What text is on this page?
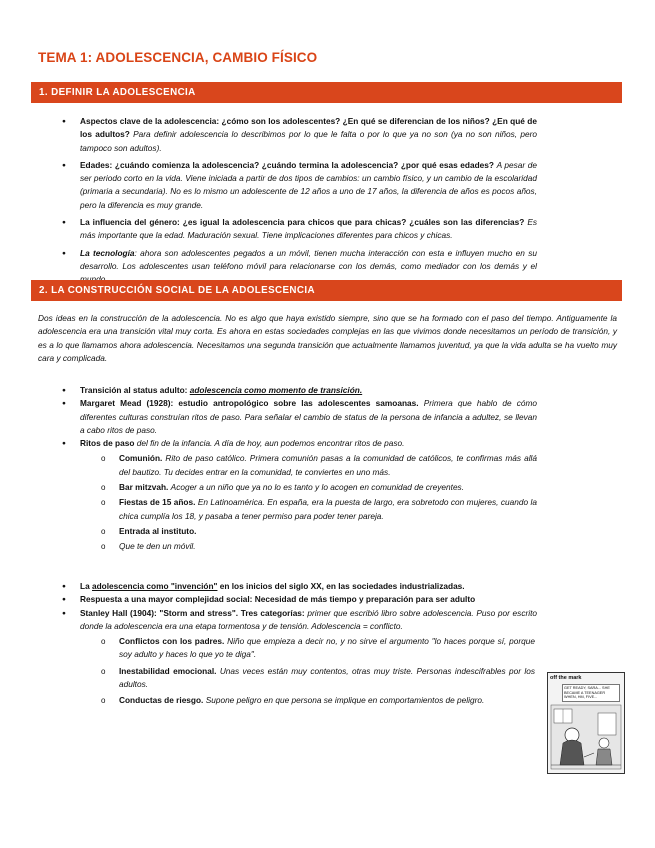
TEMA 1: ADOLESCENCIA, CAMBIO FÍSICO
1. DEFINIR LA ADOLESCENCIA
● Aspectos clave de la adolescencia: ¿cómo son los adolescentes? ¿En qué se diferencian de los niños? ¿En qué de los adultos? Para definir adolescencia lo describimos por lo que le falta o por lo que ya no son (ya no son niños, pero tampoco son adultos).
● Edades: ¿cuándo comienza la adolescencia? ¿cuándo termina la adolescencia? ¿por qué esas edades? A pesar de ser periodo corto en la vida. Viene iniciada a partir de dos tipos de cambios: un cambio físico, y un cambio de la escolaridad (primaria a secundaria). No es lo mismo un adolescente de 12 años a uno de 17 años, la diferencia de años es pocos años, pero la diferencia es muy grande.
● La influencia del género: ¿es igual la adolescencia para chicos que para chicas? ¿cuáles son las diferencias? Es más importante que la edad. Maduración sexual. Tiene implicaciones diferentes para chicos y chicas.
● La tecnología: ahora son adolescentes pegados a un móvil, tienen mucha interacción con esta e influyen mucho en su desarrollo. Los adolescentes usan teléfono móvil para relacionarse con los demás, como mediador con los demás y el
2. LA CONSTRUCCIÓN SOCIAL DE LA ADOLESCENCIA
Dos ideas en la construcción de la adolescencia. No es algo que haya existido siempre, sino que se ha formado con el paso del tiempo. Antiguamente la adolescencia era una transición vital muy corta. Es ahora en estas sociedades complejas en las que vivimos donde necesitamos un período de transición, y es a lo que llamamos ahora adolescencia. Necesitamos una segunda transición que actualmente llamamos juventud, ya que la vida adulta se ha vuelto muy cara y complicada.
● Transición al status adulto: adolescencia como momento de transición.
● Margaret Mead (1928): estudio antropológico sobre las adolescentes samoanas. Primera que hablo de cómo diferentes culturas construían ritos de paso. Para señalar el cambio de status de la persona de infancia a adultez, se llevan a cabo ritos de paso.
● Ritos de paso del fin de la infancia. A día de hoy, aun podemos encontrar ritos de paso.
o Comunión. Rito de paso católico. Primera comunión pasas a la comunidad de católicos, te confirmas más allá del bautizo. Tu decides entrar en la comunidad, te conviertes en uno más.
o Bar mitzvah. Acoger a un niño que ya no lo es tanto y lo acogen en comunidad de creyentes.
o Fiestas de 15 años. En Latinoamérica. En españa, era la puesta de largo, era sobretodo con mujeres, cuando la chica cumplía los 18, y pasaba a tener permiso para poder tener pareja.
o Entrada al instituto.
o Que te den un móvil.
● La adolescencia como "invención" en los inicios del siglo XX, en las sociedades industrializadas.
● Respuesta a una mayor complejidad social: Necesidad de más tiempo y preparación para ser adulto
● Stanley Hall (1904): "Storm and stress". Tres categorías: primer que escribió libro sobre adolescencia. Puso por escrito donde la adolescencia era una etapa tormentosa y de tensión. Adolescencia = conflicto.
o Conflictos con los padres. Niño que empieza a decir no, y no sirve el argumento "lo haces porque sí, porque soy adulto y haces lo que yo te diga".
o Inestabilidad emocional. Unas veces están muy contentos, otras muy triste. Personas indescifrables por los adultos.
o Conductas de riesgo. Supone peligro en que persona se implique en comportamientos de peligro.
off the mark
GET READY, SARA... SHE BECAME A TEENAGER WHEN, HM, FIVE...
